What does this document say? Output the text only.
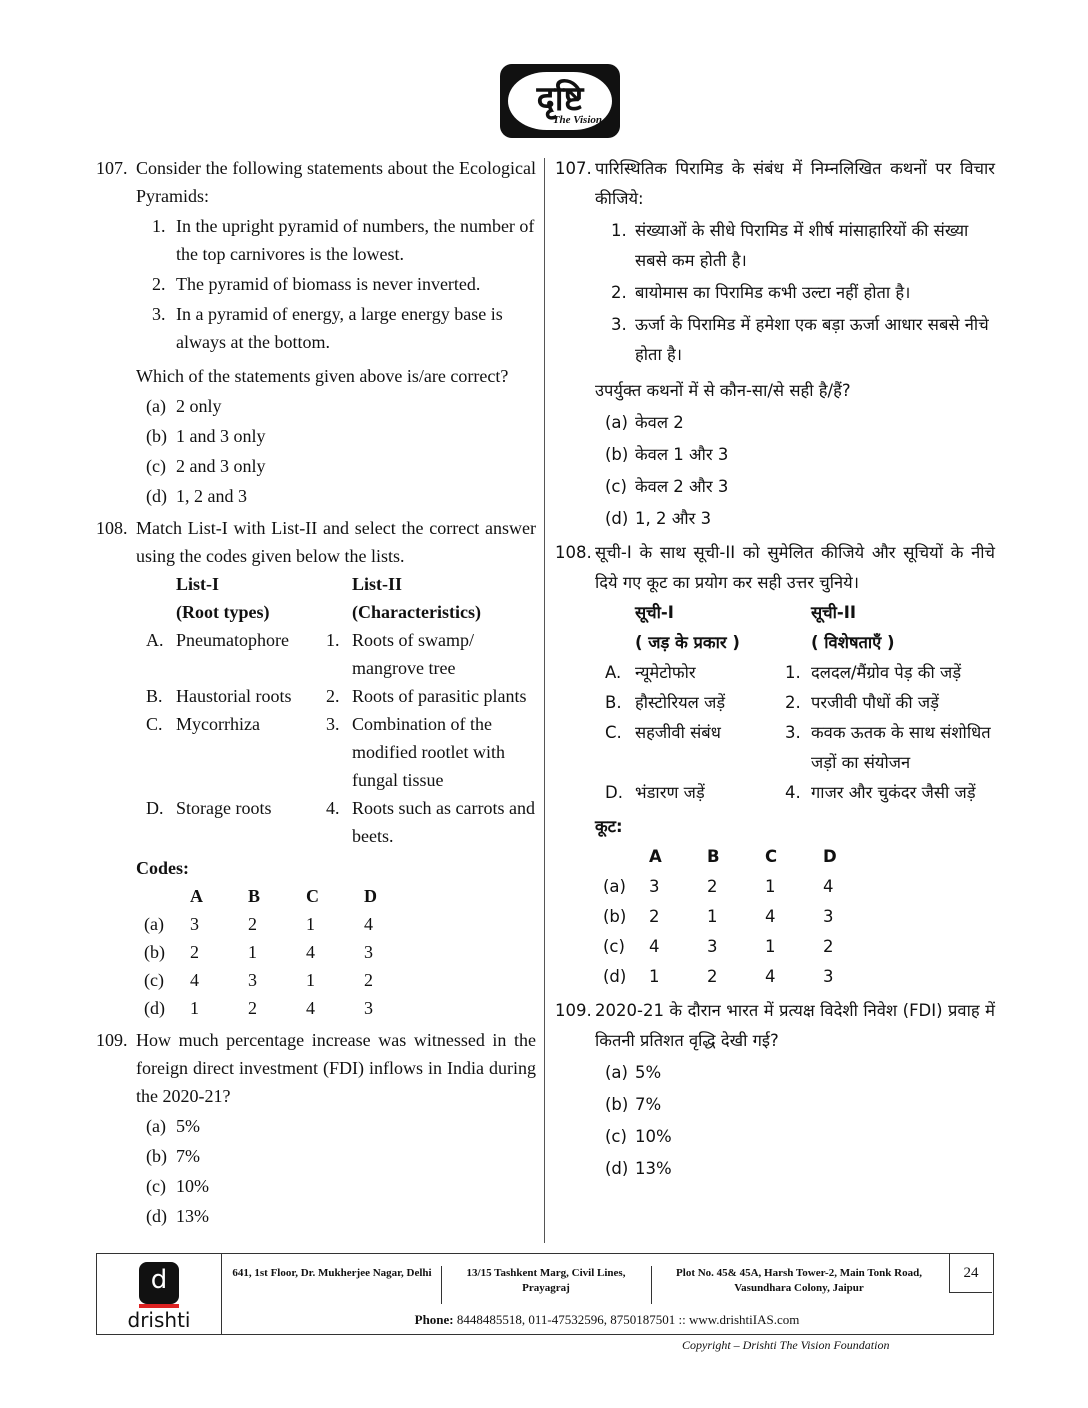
दृष्टि
The Vision
107. Consider the following statements about the Ecological Pyramids:
1. In the upright pyramid of numbers, the number of the top carnivores is the lowest.
2. The pyramid of biomass is never inverted.
3. In a pyramid of energy, a large energy base is always at the bottom.
Which of the statements given above is/are correct?
(a) 2 only
(b) 1 and 3 only
(c) 2 and 3 only
(d) 1, 2 and 3
108. Match List-I with List-II and select the correct answer using the codes given below the lists.
List-I	List-II
(Root types)	(Characteristics)
A. Pneumatophore	1. Roots of swamp/ mangrove tree
B. Haustorial roots	2. Roots of parasitic plants
C. Mycorrhiza	3. Combination of the modified rootlet with fungal tissue
D. Storage roots	4. Roots such as carrots and beets.
Codes:
	A	B	C	D
(a)	3	2	1	4
(b)	2	1	4	3
(c)	4	3	1	2
(d)	1	2	4	3
109. How much percentage increase was witnessed in the foreign direct investment (FDI) inflows in India during the 2020-21?
(a) 5%
(b) 7%
(c) 10%
(d) 13%
107. पारिस्थितिक पिरामिड के संबंध में निम्नलिखित कथनों पर विचार कीजिये:
1. संख्याओं के सीधे पिरामिड में शीर्ष मांसाहारियों की संख्या सबसे कम होती है।
2. बायोमास का पिरामिड कभी उल्टा नहीं होता है।
3. ऊर्जा के पिरामिड में हमेशा एक बड़ा ऊर्जा आधार सबसे नीचे होता है।
उपर्युक्त कथनों में से कौन-सा/से सही है/हैं?
(a) केवल 2
(b) केवल 1 और 3
(c) केवल 2 और 3
(d) 1, 2 और 3
108. सूची-I के साथ सूची-II को सुमेलित कीजिये और सूचियों के नीचे दिये गए कूट का प्रयोग कर सही उत्तर चुनिये।
सूची-I	सूची-II
( जड़ के प्रकार )	( विशेषताएँ )
A. न्यूमेटोफोर	1. दलदल/मैंग्रोव पेड़ की जड़ें
B. हौस्टोरियल जड़ें	2. परजीवी पौधों की जड़ें
C. सहजीवी संबंध	3. कवक ऊतक के साथ संशोधित जड़ों का संयोजन
D. भंडारण जड़ें	4. गाजर और चुकंदर जैसी जड़ें
कूट:
	A	B	C	D
(a)	3	2	1	4
(b)	2	1	4	3
(c)	4	3	1	2
(d)	1	2	4	3
109. 2020-21 के दौरान भारत में प्रत्यक्ष विदेशी निवेश (FDI) प्रवाह में कितनी प्रतिशत वृद्धि देखी गई?
(a) 5%
(b) 7%
(c) 10%
(d) 13%
d
drishti
641, 1st Floor, Dr. Mukherjee Nagar, Delhi	13/15 Tashkent Marg, Civil Lines, Prayagraj
Plot No. 45& 45A, Harsh Tower-2, Main Tonk Road, Vasundhara Colony, Jaipur
24
Phone: 8448485518, 011-47532596, 8750187501 :: www.drishtiIAS.com
Copyright – Drishti The Vision Foundation
